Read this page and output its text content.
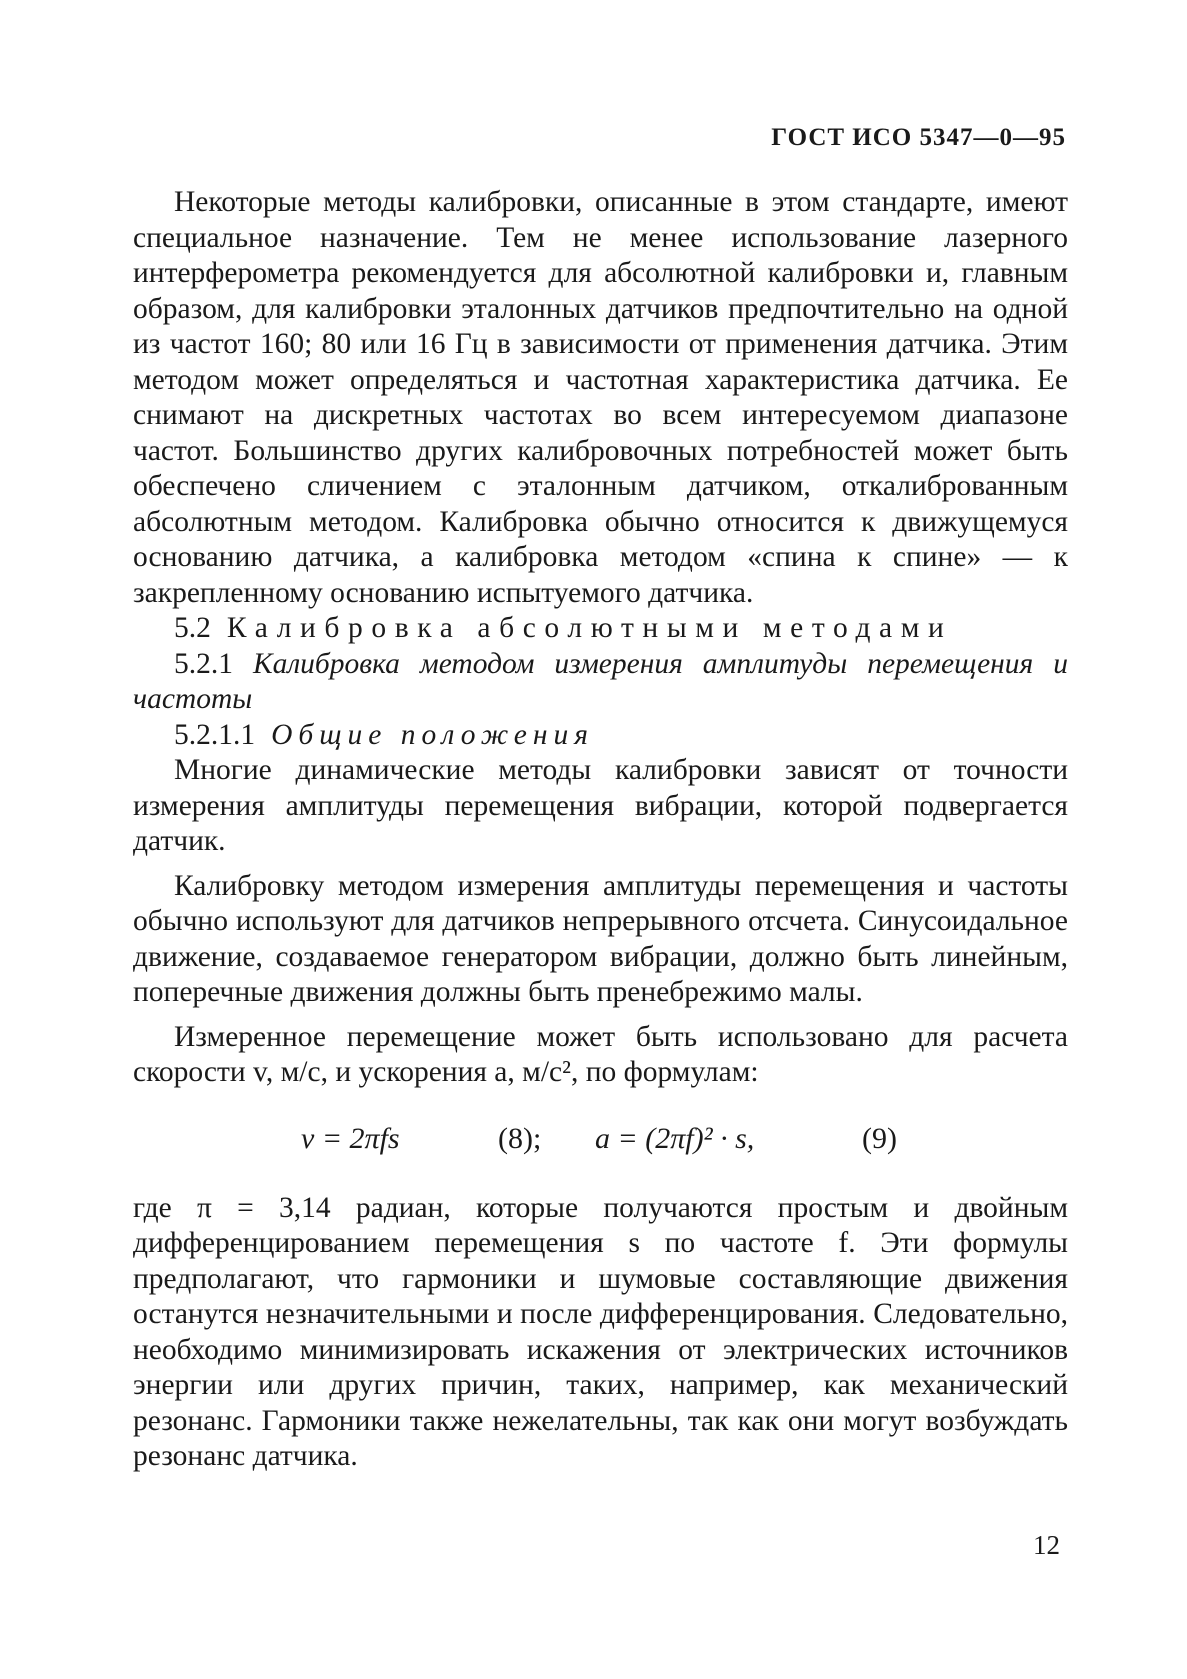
ГОСТ ИСО 5347—0—95

Некоторые методы калибровки, описанные в этом стандарте, имеют специальное назначение. Тем не менее использование лазерного интерферометра рекомендуется для абсолютной калибровки и, главным образом, для калибровки эталонных датчиков предпочтительно на одной из частот 160; 80 или 16 Гц в зависимости от применения датчика. Этим методом может определяться и частотная характеристика датчика. Ее снимают на дискретных частотах во всем интересуемом диапазоне частот. Большинство других калибровочных потребностей может быть обеспечено сличением с эталонным датчиком, откалиброванным абсолютным методом. Калибровка обычно относится к движущемуся основанию датчика, а калибровка методом «спина к спине» — к закрепленному основанию испытуемого датчика.

5.2 Калибровка абсолютными методами

5.2.1 Калибровка методом измерения амплитуды перемещения и частоты

5.2.1.1 Общие положения

Многие динамические методы калибровки зависят от точности измерения амплитуды перемещения вибрации, которой подвергается датчик.

Калибровку методом измерения амплитуды перемещения и частоты обычно используют для датчиков непрерывного отсчета. Синусоидальное движение, создаваемое генератором вибрации, должно быть линейным, поперечные движения должны быть пренебрежимо малы.

Измеренное перемещение может быть использовано для расчета скорости v, м/с, и ускорения a, м/с², по формулам:

v = 2πfs	(8); a = (2πf)² · s,	(9)

где π = 3,14 радиан, которые получаются простым и двойным дифференцированием перемещения s по частоте f. Эти формулы предполагают, что гармоники и шумовые составляющие движения останутся незначительными и после дифференцирования. Следовательно, необходимо минимизировать искажения от электрических источников энергии или других причин, таких, например, как механический резонанс. Гармоники также нежелательны, так как они могут возбуждать резонанс датчика.

12
